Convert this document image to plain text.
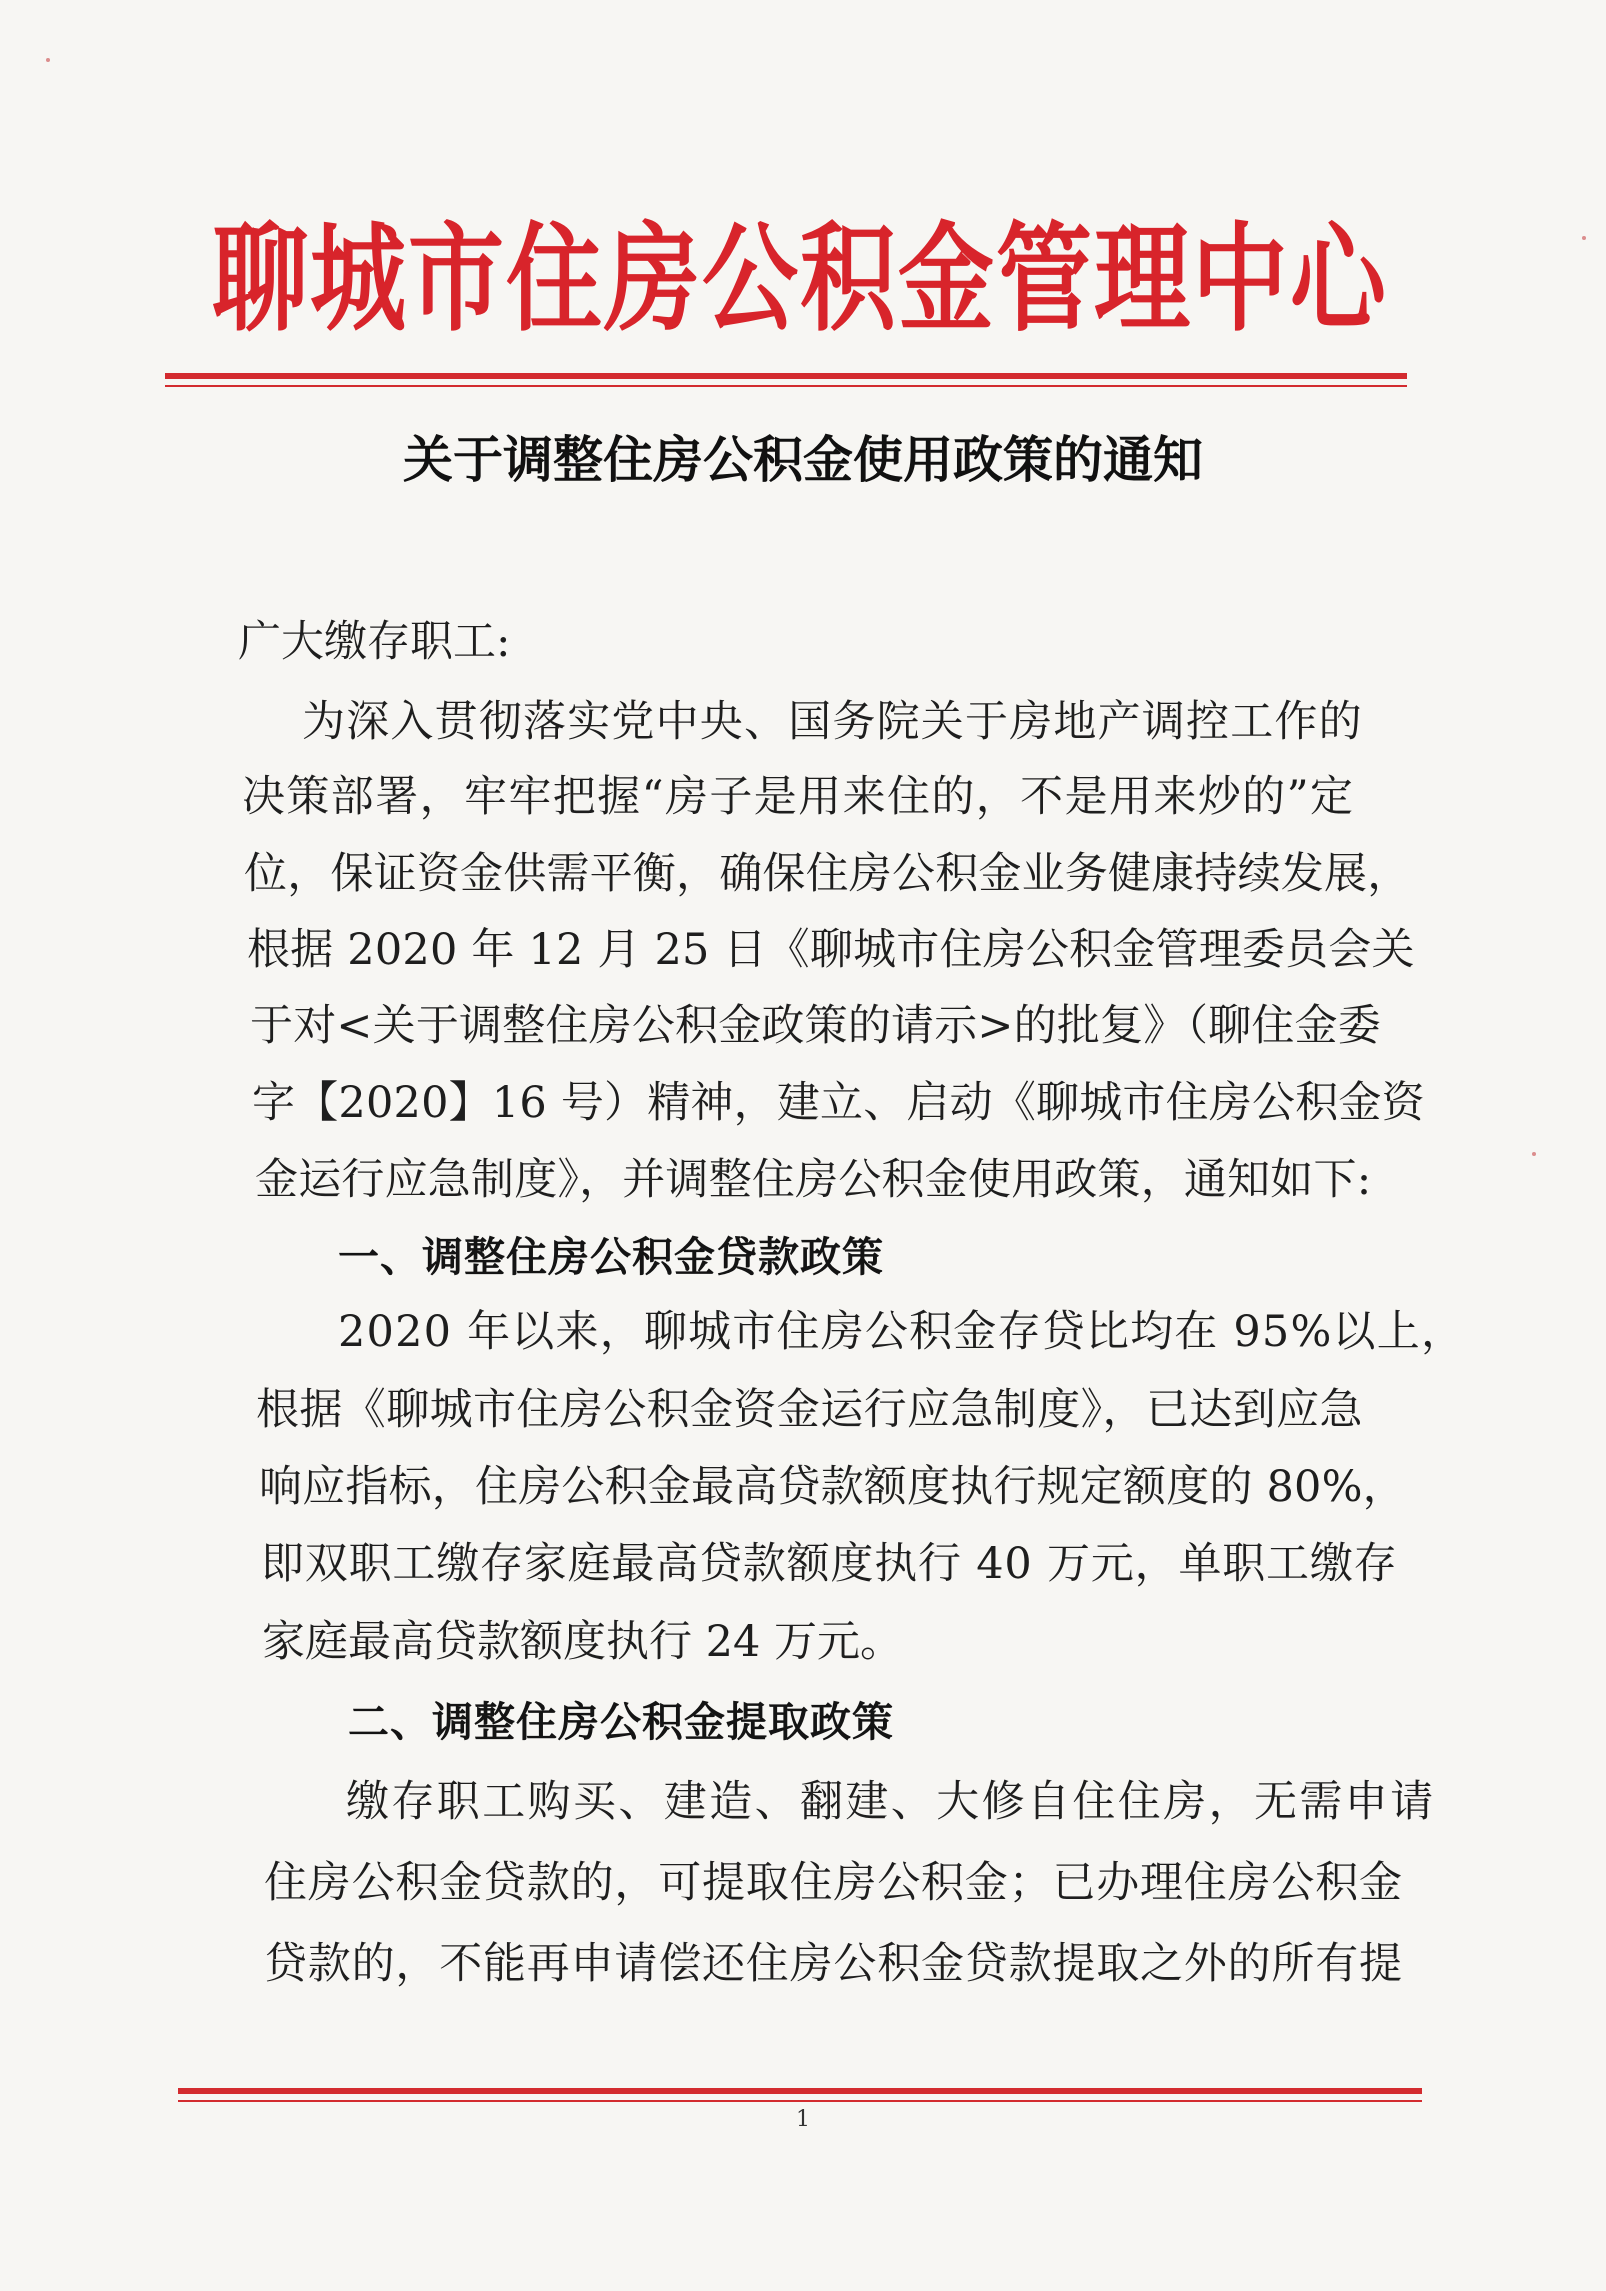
聊城市住房公积金管理中心
关于调整住房公积金使用政策的通知
广大缴存职工:
为深入贯彻落实党中央、国务院关于房地产调控工作的
决策部署，牢牢把握“房子是用来住的，不是用来炒的”定
位，保证资金供需平衡，确保住房公积金业务健康持续发展，
根据 2020 年 12 月 25 日《聊城市住房公积金管理委员会关
于对<关于调整住房公积金政策的请示>的批复》（聊住金委
字【2020】16 号）精神，建立、启动《聊城市住房公积金资
金运行应急制度》，并调整住房公积金使用政策，通知如下:
一、调整住房公积金贷款政策
2020 年以来，聊城市住房公积金存贷比均在 95%以上，
根据《聊城市住房公积金资金运行应急制度》，已达到应急
响应指标，住房公积金最高贷款额度执行规定额度的 80%，
即双职工缴存家庭最高贷款额度执行 40 万元，单职工缴存
家庭最高贷款额度执行 24 万元。
二、调整住房公积金提取政策
缴存职工购买、建造、翻建、大修自住住房，无需申请
住房公积金贷款的，可提取住房公积金；已办理住房公积金
贷款的，不能再申请偿还住房公积金贷款提取之外的所有提
1
